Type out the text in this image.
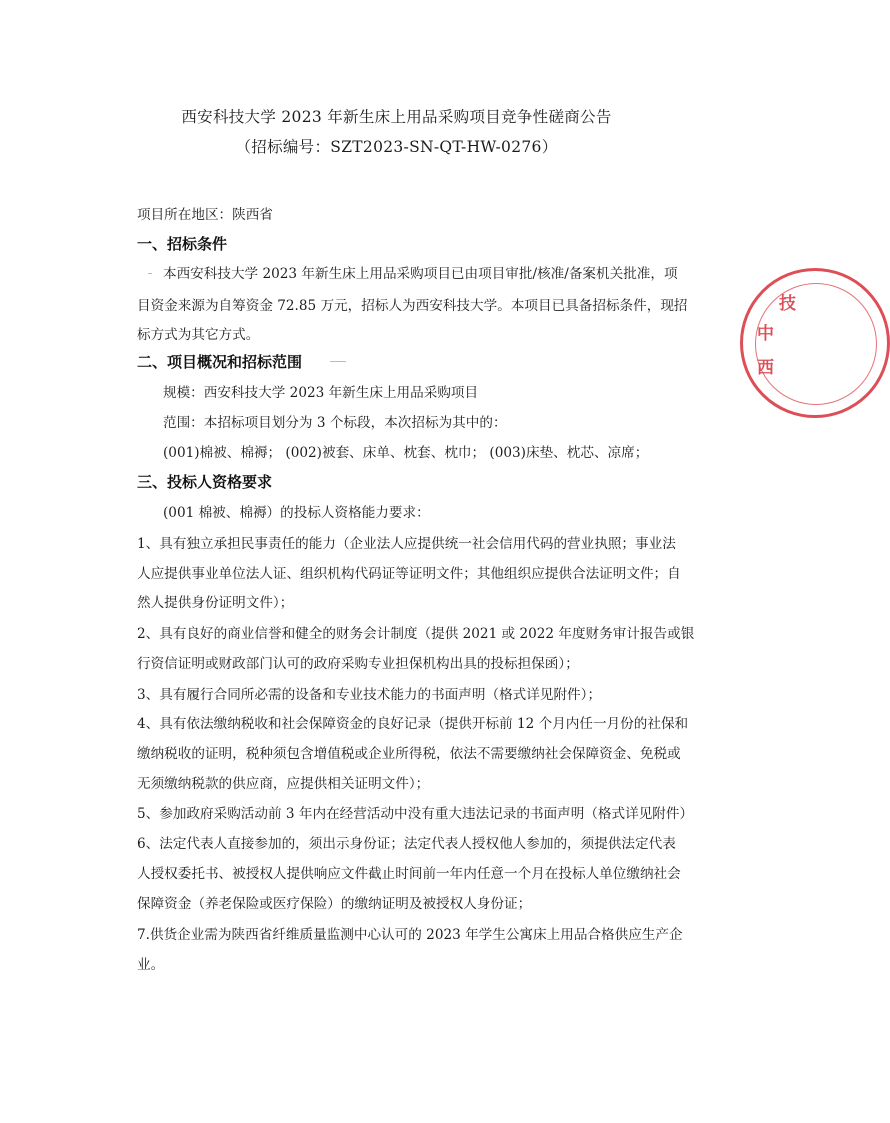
西安科技大学 2023 年新生床上用品采购项目竞争性磋商公告
（招标编号：SZT2023-SN-QT-HW-0276）
项目所在地区：陕西省
一、招标条件
本西安科技大学 2023 年新生床上用品采购项目已由项目审批/核准/备案机关批准，项
目资金来源为自筹资金 72.85 万元，招标人为西安科技大学。本项目已具备招标条件，现招
标方式为其它方式。
二、项目概况和招标范围
规模：西安科技大学 2023 年新生床上用品采购项目
范围：本招标项目划分为 3 个标段，本次招标为其中的：
(001)棉被、棉褥； (002)被套、床单、枕套、枕巾； (003)床垫、枕芯、凉席；
三、投标人资格要求
(001 棉被、棉褥）的投标人资格能力要求：
1、具有独立承担民事责任的能力（企业法人应提供统一社会信用代码的营业执照；事业法
人应提供事业单位法人证、组织机构代码证等证明文件；其他组织应提供合法证明文件；自
然人提供身份证明文件）；
2、具有良好的商业信誉和健全的财务会计制度（提供 2021 或 2022 年度财务审计报告或银
行资信证明或财政部门认可的政府采购专业担保机构出具的投标担保函）；
3、具有履行合同所必需的设备和专业技术能力的书面声明（格式详见附件）；
4、具有依法缴纳税收和社会保障资金的良好记录（提供开标前 12 个月内任一月份的社保和
缴纳税收的证明，税种须包含增值税或企业所得税，依法不需要缴纳社会保障资金、免税或
无须缴纳税款的供应商，应提供相关证明文件）；
5、参加政府采购活动前 3 年内在经营活动中没有重大违法记录的书面声明（格式详见附件）
6、法定代表人直接参加的，须出示身份证；法定代表人授权他人参加的，须提供法定代表
人授权委托书、被授权人提供响应文件截止时间前一年内任意一个月在投标人单位缴纳社会
保障资金（养老保险或医疗保险）的缴纳证明及被授权人身份证；
7.供货企业需为陕西省纤维质量监测中心认可的 2023 年学生公寓床上用品合格供应生产企
业。
技
中
西
